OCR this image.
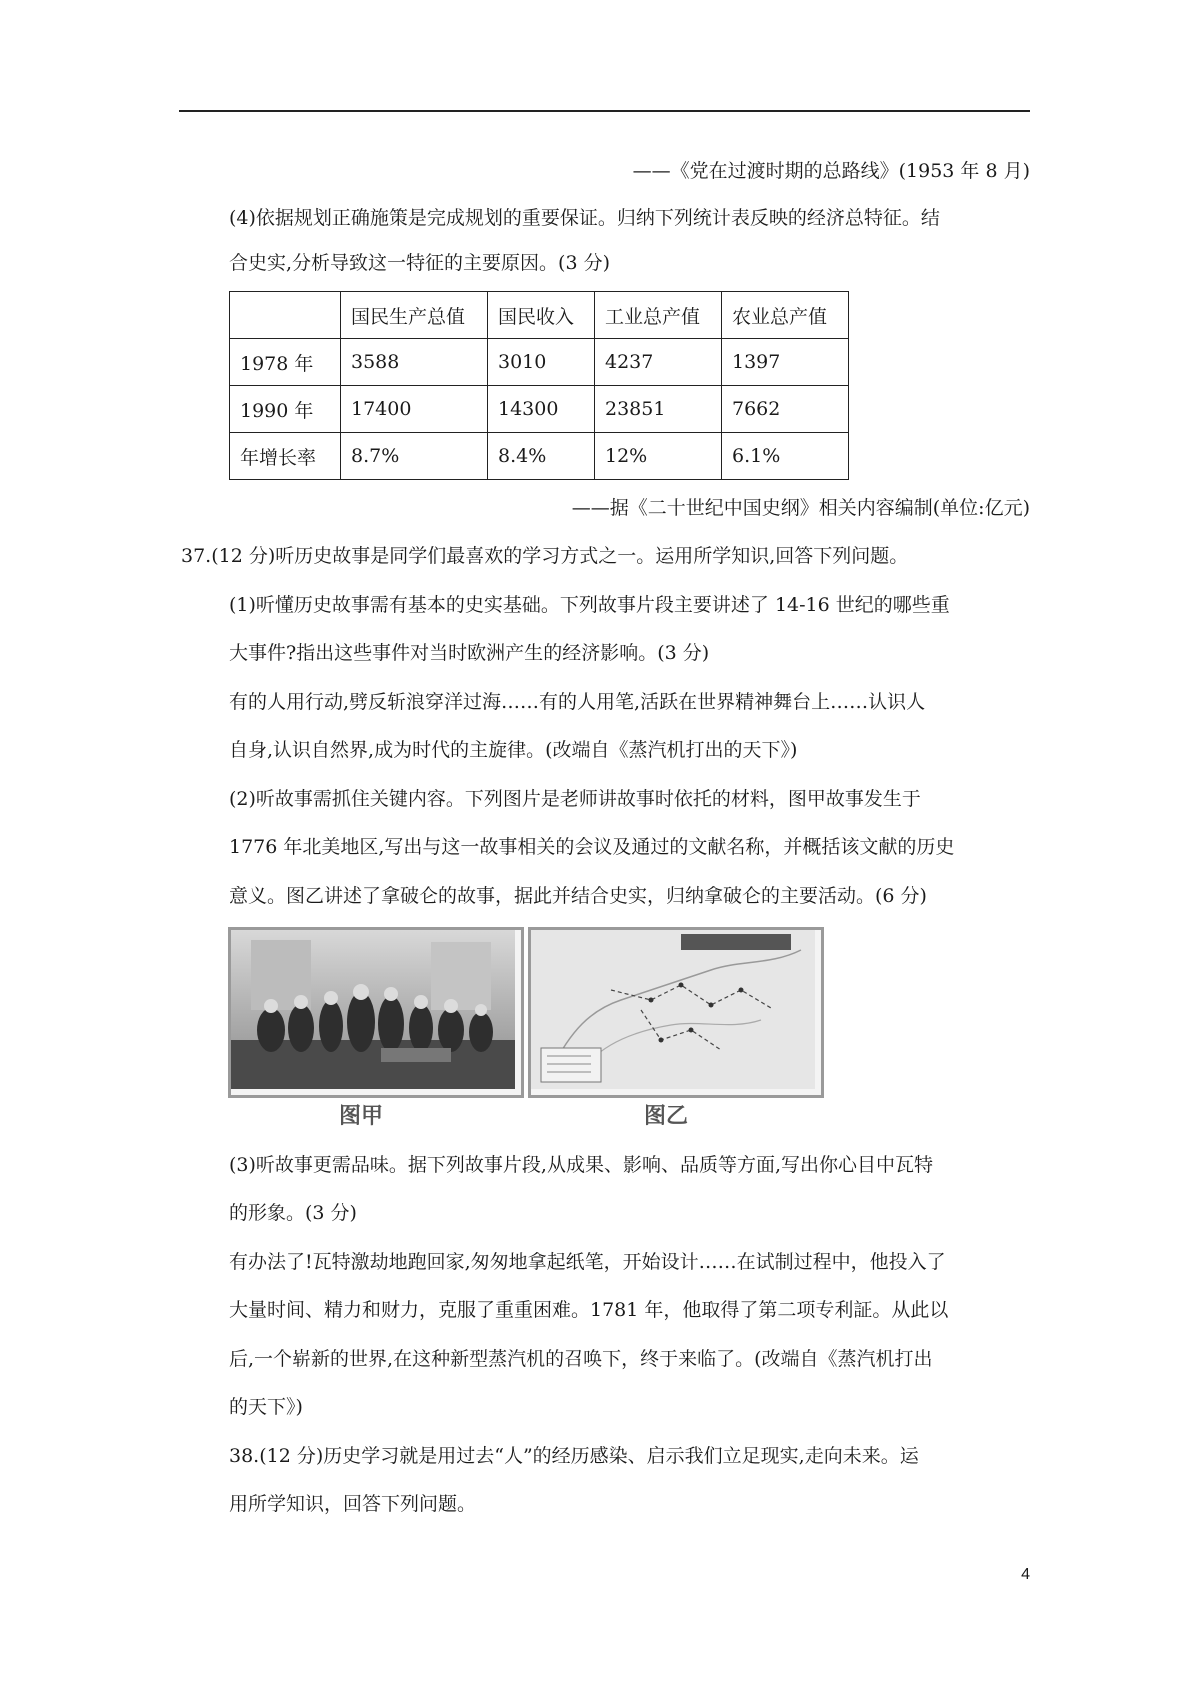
——《党在过渡时期的总路线》(1953 年 8 月)
(4)依据规划正确施策是完成规划的重要保证。归纳下列统计表反映的经济总特征。结
合史实,分析导致这一特征的主要原因。(3 分)
	国民生产总值	国民收入	工业总产值	农业总产值
1978 年	3588	3010	4237	1397
1990 年	17400	14300	23851	7662
年增长率	8.7%	8.4%	12%	6.1%
——据《二十世纪中国史纲》相关内容编制(单位:亿元)
37.(12 分)听历史故事是同学们最喜欢的学习方式之一。运用所学知识,回答下列问题。
(1)听懂历史故事需有基本的史实基础。下列故事片段主要讲述了 14-16 世纪的哪些重
大事件?指出这些事件对当时欧洲产生的经济影响。(3 分)
有的人用行动,劈反斩浪穿洋过海……有的人用笔,活跃在世界精神舞台上……认识人
自身,认识自然界,成为时代的主旋律。(改端自《蒸汽机打出的天下》)
(2)听故事需抓住关键内容。下列图片是老师讲故事时依托的材料，图甲故事发生于
1776 年北美地区,写出与这一故事相关的会议及通过的文献名称，并概括该文献的历史
意义。图乙讲述了拿破仑的故事，据此并结合史实，归纳拿破仑的主要活动。(6 分)
图甲	图乙
(3)听故事更需品味。据下列故事片段,从成果、影响、品质等方面,写出你心目中瓦特
的形象。(3 分)
有办法了!瓦特激劫地跑回家,匆匆地拿起纸笔，开始设计……在试制过程中，他投入了
大量时间、精力和财力，克服了重重困难。1781 年，他取得了第二项专利証。从此以
后,一个崭新的世界,在这种新型蒸汽机的召唤下，终于来临了。(改端自《蒸汽机打出
的天下》)
38.(12 分)历史学习就是用过去“人”的经历感染、启示我们立足现实,走向未来。运
用所学知识，回答下列问题。
4
